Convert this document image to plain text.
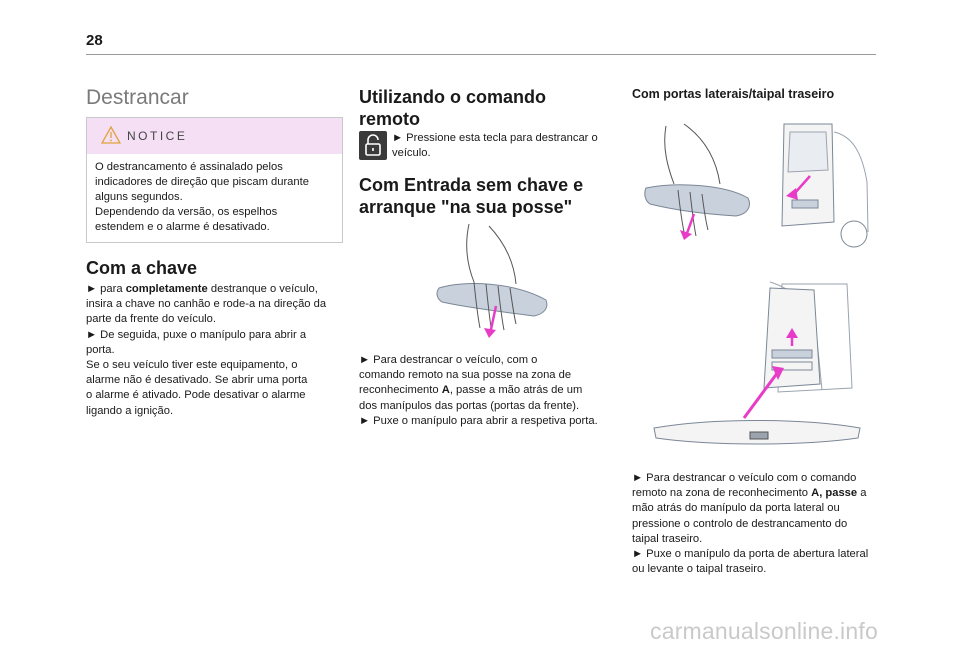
28
Destrancar
NOTICE

O destrancamento é assinalado pelos

indicadores de direção que piscam durante

alguns segundos.

Dependendo da versão, os espelhos

estendem e o alarme é desativado.

Com a chave

► para completamente destranque o veículo,

insira a chave no canhão e rode-a na direção da

parte da frente do veículo.

► De seguida, puxe o manípulo para abrir a

porta.

Se o seu veículo tiver este equipamento, o

alarme não é desativado. Se abrir uma porta

o alarme é ativado. Pode desativar o alarme

ligando a ignição.

Utilizando o comando
remoto
► Pressione esta tecla para destrancar o
veículo.
Com Entrada sem chave e
arranque "na sua posse"

► Para destrancar o veículo, com o

comando remoto na sua posse na zona de

reconhecimento A, passe a mão atrás de um

dos manípulos das portas (portas da frente).

► Puxe o manípulo para abrir a respetiva porta.

Com portas laterais/taipal traseiro

► Para destrancar o veículo com o comando

remoto na zona de reconhecimento A, passe a

mão atrás do manípulo da porta lateral ou

pressione o controlo de destrancamento do

taipal traseiro.

► Puxe o manípulo da porta de abertura lateral

ou levante o taipal traseiro.

carmanualsonline.info
